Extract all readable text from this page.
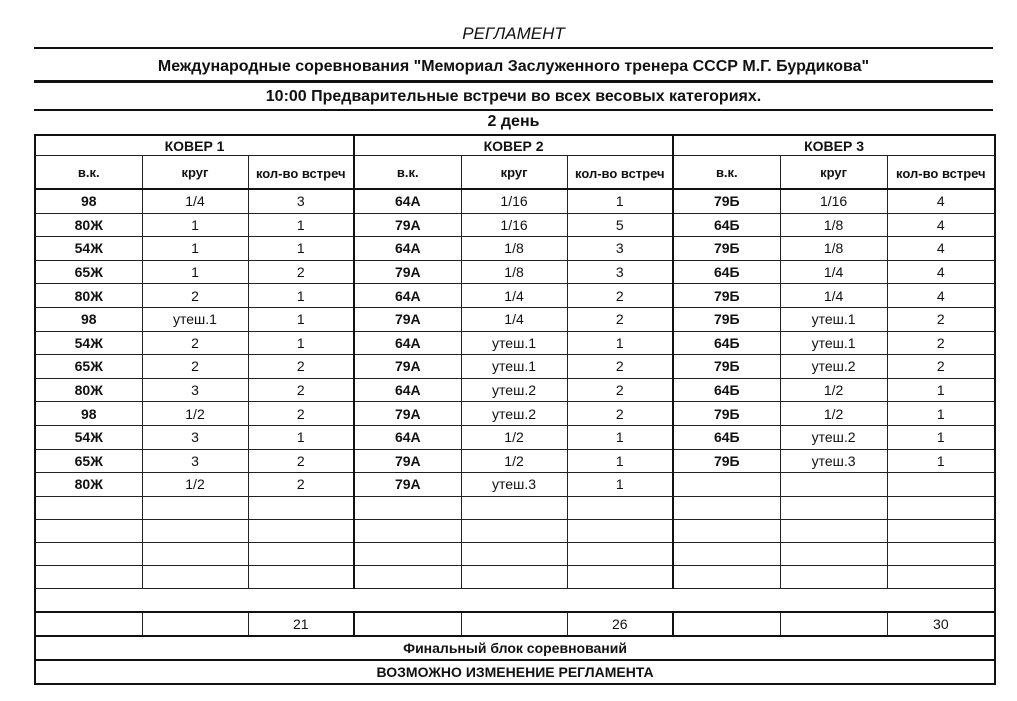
РЕГЛАМЕНТ
Международные соревнования "Мемориал Заслуженного тренера СССР М.Г. Бурдикова"
10:00 Предварительные встречи во всех весовых категориях.
2 день
КОВЕР 1			КОВЕР 2			КОВЕР 3		
в.к.	круг	кол-во встреч	в.к.	круг	кол-во встреч	в.к.	круг	кол-во встреч
98	1/4	3	64А	1/16	1	79Б	1/16	4
80Ж	1	1	79А	1/16	5	64Б	1/8	4
54Ж	1	1	64А	1/8	3	79Б	1/8	4
65Ж	1	2	79А	1/8	3	64Б	1/4	4
80Ж	2	1	64А	1/4	2	79Б	1/4	4
98	утеш.1	1	79А	1/4	2	79Б	утеш.1	2
54Ж	2	1	64А	утеш.1	1	64Б	утеш.1	2
65Ж	2	2	79А	утеш.1	2	79Б	утеш.2	2
80Ж	3	2	64А	утеш.2	2	64Б	1/2	1
98	1/2	2	79А	утеш.2	2	79Б	1/2	1
54Ж	3	1	64А	1/2	1	64Б	утеш.2	1
65Ж	3	2	79А	1/2	1	79Б	утеш.3	1
80Ж	1/2	2	79А	утеш.3	1			

		21			26			30
Финальный блок соревнований								
ВОЗМОЖНО ИЗМЕНЕНИЕ РЕГЛАМЕНТА								
